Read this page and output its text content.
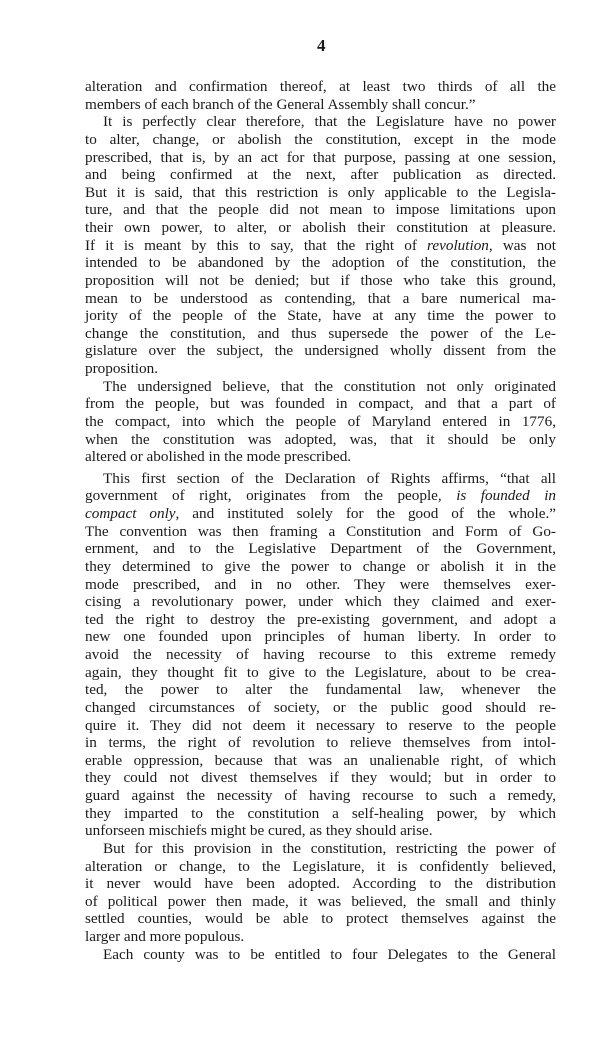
4
alteration and confirmation thereof, at least two thirds of all the
members of each branch of the General Assembly shall concur.”
It is perfectly clear therefore, that the Legislature have no power
to alter, change, or abolish the constitution, except in the mode
prescribed, that is, by an act for that purpose, passing at one session,
and being confirmed at the next, after publication as directed.
But it is said, that this restriction is only applicable to the Legisla-
ture, and that the people did not mean to impose limitations upon
their own power, to alter, or abolish their constitution at pleasure.
If it is meant by this to say, that the right of revolution, was not
intended to be abandoned by the adoption of the constitution, the
proposition will not be denied; but if those who take this ground,
mean to be understood as contending, that a bare numerical ma-
jority of the people of the State, have at any time the power to
change the constitution, and thus supersede the power of the Le-
gislature over the subject, the undersigned wholly dissent from the
proposition.
The undersigned believe, that the constitution not only originated
from the people, but was founded in compact, and that a part of
the compact, into which the people of Maryland entered in 1776,
when the constitution was adopted, was, that it should be only
altered or abolished in the mode prescribed.
This first section of the Declaration of Rights affirms, “that all
government of right, originates from the people, is founded in
compact only, and instituted solely for the good of the whole.”
The convention was then framing a Constitution and Form of Go-
ernment, and to the Legislative Department of the Government,
they determined to give the power to change or abolish it in the
mode prescribed, and in no other. They were themselves exer-
cising a revolutionary power, under which they claimed and exer-
ted the right to destroy the pre-existing government, and adopt a
new one founded upon principles of human liberty. In order to
avoid the necessity of having recourse to this extreme remedy
again, they thought fit to give to the Legislature, about to be crea-
ted, the power to alter the fundamental law, whenever the
changed circumstances of society, or the public good should re-
quire it. They did not deem it necessary to reserve to the people
in terms, the right of revolution to relieve themselves from intol-
erable oppression, because that was an unalienable right, of which
they could not divest themselves if they would; but in order to
guard against the necessity of having recourse to such a remedy,
they imparted to the constitution a self-healing power, by which
unforseen mischiefs might be cured, as they should arise.
But for this provision in the constitution, restricting the power of
alteration or change, to the Legislature, it is confidently believed,
it never would have been adopted. According to the distribution
of political power then made, it was believed, the small and thinly
settled counties, would be able to protect themselves against the
larger and more populous.
Each county was to be entitled to four Delegates to the General
